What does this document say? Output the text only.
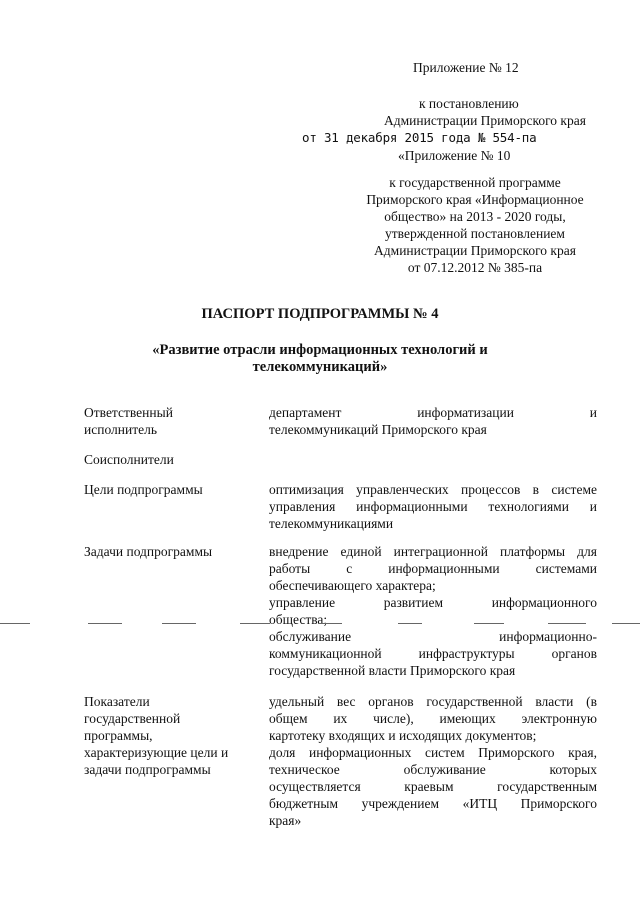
Приложение № 12
к постановлению
Администрации Приморского края
от 31 декабря 2015 года № 554-па
«Приложение № 10
к государственной программе
Приморского края «Информационное
общество» на 2013 - 2020 годы,
утвержденной постановлением
Администрации Приморского края
от 07.12.2012 № 385-па
ПАСПОРТ ПОДПРОГРАММЫ № 4
«Развитие отрасли информационных технологий и
телекоммуникаций»
Ответственный
исполнитель
департамент информатизации и
телекоммуникаций Приморского края
Соисполнители
Цели подпрограммы	оптимизация управленческих процессов в системе
управления информационными технологиями и
телекоммуникациями
Задачи подпрограммы	внедрение единой интеграционной платформы для
работы с информационными системами
обеспечивающего характера;
управление развитием информационного
общества;
обслуживание информационно-
коммуникационной инфраструктуры органов
государственной власти Приморского края
Показатели
государственной
программы,
характеризующие цели и
задачи подпрограммы
удельный вес органов государственной власти (в
общем их числе), имеющих электронную
картотеку входящих и исходящих документов;
доля информационных систем Приморского края,
техническое обслуживание которых
осуществляется краевым государственным
бюджетным учреждением «ИТЦ Приморского
края»
